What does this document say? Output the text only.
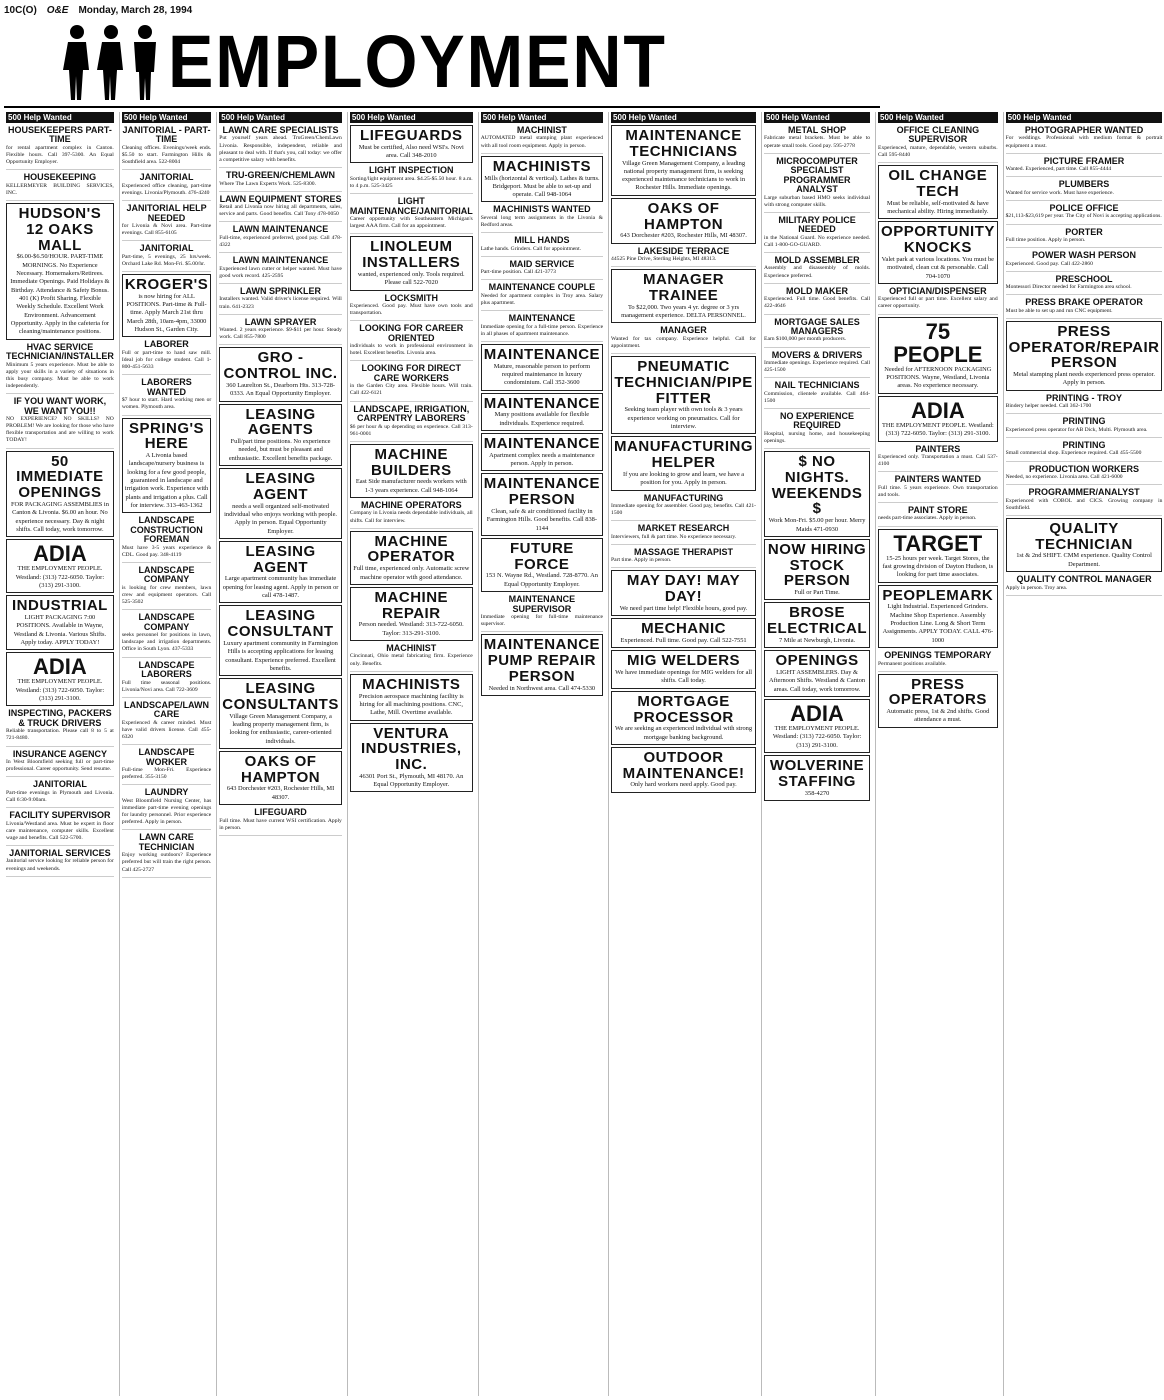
10C(O) O&E Monday, March 28, 1994
EMPLOYMENT
500 Help Wanted
HOUSEKEEPERS PART-TIME
for rental apartment complex in Canton. Flexible hours. Call 397-5300. An Equal Opportunity Employer.
HOUSEKEEPING
KELLERMEYER BUILDING SERVICES, INC.
HUDSON'S 12 OAKS MALL
$6.00-$6.50/HOUR. PART-TIME MORNINGS. No Experience Necessary. Homemakers/Retirees. Immediate Openings. Paid Holidays & Birthday. Attendance & Safety Bonus. 401 (K) Profit Sharing. Flexible Weekly Schedule. Excellent Work Environment. Advancement Opportunity. Apply in the cafeteria for cleaning/maintenance positions.
HVAC SERVICE TECHNICIAN/INSTALLER
Minimum 5 years experience. Must be able to apply your skills in a variety of situations in this busy company. Must be able to work independently.
IF YOU WANT WORK, WE WANT YOU!!
NO EXPERIENCE? NO SKILLS? NO PROBLEM! We are looking for those who have flexible transportation and are willing to work TODAY!
50 IMMEDIATE OPENINGS
FOR PACKAGING ASSEMBLIES in Canton & Livonia. $6.00 an hour. No experience necessary. Day & night shifts. Call today, work tomorrow.
ADIA
THE EMPLOYMENT PEOPLE. Westland: (313) 722-6050. Taylor: (313) 291-3100.
INDUSTRIAL
LIGHT PACKAGING 7:00 POSITIONS. Available in Wayne, Westland & Livonia. Various Shifts. Apply today. APPLY TODAY!
ADIA
THE EMPLOYMENT PEOPLE. Westland: (313) 722-6050. Taylor: (313) 291-3100.
INSPECTING, PACKERS & TRUCK DRIVERS
Reliable transportation. Please call 8 to 5 at 721-8480.
INSURANCE AGENCY
In West Bloomfield seeking full or part-time professional. Career opportunity. Send resume.
JANITORIAL
Part-time evenings in Plymouth and Livonia. Call 6:30-9:00am.
FACILITY SUPERVISOR
Livonia/Westland area. Must be expert in floor care maintenance, computer skills. Excellent wage and benefits. Call 522-5700.
JANITORIAL SERVICES
Janitorial service looking for reliable person for evenings and weekends.
500 Help Wanted
JANITORIAL - PART-TIME
Cleaning offices. Evenings/week ends. $5.50 to start. Farmington Hills & Southfield area. 522-8004
JANITORIAL
Experienced office cleaning, part-time evenings. Livonia/Plymouth. 476-4240
JANITORIAL HELP NEEDED
for Livonia & Novi area. Part-time evenings. Call 855-6105
JANITORIAL
Part-time, 5 evenings, 25 hrs/week. Orchard Lake Rd. Mon-Fri. $5.00/hr.
KROGER'S
is now hiring for ALL POSITIONS. Part-time & Full-time. Apply March 21st thru March 28th, 10am-4pm, 33000 Hudson St., Garden City.
LABORER
Full or part-time to hand saw mill. Ideal job for college student. Call 1-800-451-5633
LABORERS WANTED
$7 hour to start. Hard working men or women. Plymouth area.
SPRING'S HERE
A Livonia based landscape/nursery business is looking for a few good people, guaranteed in landscape and irrigation work. Experience with plants and irrigation a plus. Call for interview. 313-463-1362
LANDSCAPE CONSTRUCTION FOREMAN
Must have 3-5 years experience & CDL. Good pay. 348-4119
LANDSCAPE COMPANY
is looking for crew members, lawn crew and equipment operators. Call 525-3502
LANDSCAPE COMPANY
seeks personnel for positions in lawn, landscape and irrigation departments. Office in South Lyon. 437-5333
LANDSCAPE LABORERS
Full time seasonal positions. Livonia/Novi area. Call 722-3609
LANDSCAPE/LAWN CARE
Experienced & career minded. Must have valid drivers license. Call 455-6320
LANDSCAPE WORKER
Full-time Mon-Fri. Experience preferred. 355-3150
LAUNDRY
West Bloomfield Nursing Center, has immediate part-time evening openings for laundry personnel. Prior experience preferred. Apply in person.
LAWN CARE TECHNICIAN
Enjoy working outdoors? Experience preferred but will train the right person. Call 425-2727
500 Help Wanted
LAWN CARE SPECIALISTS
Put yourself years ahead. TruGreen/ChemLawn Livonia. Responsible, independent, reliable and pleasant to deal with. If that's you, call today: we offer a competitive salary with benefits.
TRU-GREEN/CHEMLAWN
Where The Lawn Experts Work. 525-8300.
LAWN EQUIPMENT STORES
Retail and Livonia now hiring all departments, sales, service and parts. Good benefits. Call Tony 478-0050
LAWN MAINTENANCE
Full-time, experienced preferred, good pay. Call 478-4322
LAWN MAINTENANCE
Experienced lawn cutter or helper wanted. Must have good work record. 425-2595
LAWN SPRINKLER
Installers wanted. Valid driver's license required. Will train. 641-2323
LAWN SPRAYER
Wanted. 2 years experience. $9-$11 per hour. Steady work. Call 855-7800
GRO - CONTROL INC.
360 Laurelton St., Dearborn Hts. 313-728-0333. An Equal Opportunity Employer.
LEASING AGENTS
Full/part time positions. No experience needed, but must be pleasant and enthusiastic. Excellent benefits package.
LEASING AGENT
needs a well organized self-motivated individual who enjoys working with people. Apply in person. Equal Opportunity Employer.
LEASING AGENT
Large apartment community has immediate opening for leasing agent. Apply in person or call 478-1487.
LEASING CONSULTANT
Luxury apartment community in Farmington Hills is accepting applications for leasing consultant. Experience preferred. Excellent benefits.
LEASING CONSULTANTS
Village Green Management Company, a leading property management firm, is looking for enthusiastic, career-oriented individuals.
OAKS OF HAMPTON
643 Dorchester #203, Rochester Hills, MI 48307.
LIFEGUARD
Full time. Must have current WSI certification. Apply in person.
500 Help Wanted
LIFEGUARDS
Must be certified, Also need WSI's. Novi area. Call 348-2010
LIGHT INSPECTION
Sorting/light equipment area. $4.25-$5.50 hour. 8 a.m. to 4 p.m. 525-3425
LIGHT MAINTENANCE/JANITORIAL
Career opportunity with Southeastern Michigan's largest AAA firm. Call for an appointment.
LINOLEUM INSTALLERS
wanted, experienced only. Tools required. Please call 522-7020
LOCKSMITH
Experienced. Good pay. Must have own tools and transportation.
LOOKING FOR CAREER ORIENTED
individuals to work in professional environment in hotel. Excellent benefits. Livonia area.
LOOKING FOR DIRECT CARE WORKERS
in the Garden City area. Flexible hours. Will train. Call 422-6121
LANDSCAPE, IRRIGATION, CARPENTRY LABORERS
$6 per hour & up depending on experience. Call 313-961-0001
MACHINE BUILDERS
East Side manufacturer needs workers with 1-3 years experience. Call 948-1064
MACHINE OPERATORS
Company in Livonia needs dependable individuals, all shifts. Call for interview.
MACHINE OPERATOR
Full time, experienced only. Automatic screw machine operator with good attendance.
MACHINE REPAIR
Person needed. Westland: 313-722-6050. Taylor: 313-291-3100.
MACHINIST
Cincinnati, Ohio metal fabricating firm. Experience only. Benefits.
MACHINISTS
Precision aerospace machining facility is hiring for all machining positions. CNC, Lathe, Mill. Overtime available.
VENTURA INDUSTRIES, INC.
46301 Port St., Plymouth, MI 48170. An Equal Opportunity Employer.
500 Help Wanted
MACHINIST
AUTOMATED metal stamping plant experienced with all tool room equipment. Apply in person.
MACHINISTS
Mills (horizontal & vertical). Lathes & turns. Bridgeport. Must be able to set-up and operate. Call 948-1064
MACHINISTS WANTED
Several long term assignments in the Livonia & Redford areas.
MILL HANDS
Lathe hands. Grinders. Call for appointment.
MAID SERVICE
Part-time position. Call 421-3773
MAINTENANCE COUPLE
Needed for apartment complex in Troy area. Salary plus apartment.
MAINTENANCE
Immediate opening for a full-time person. Experience in all phases of apartment maintenance.
MAINTENANCE
Mature, reasonable person to perform required maintenance in luxury condominium. Call 352-3600
MAINTENANCE
Many positions available for flexible individuals. Experience required.
MAINTENANCE
Apartment complex needs a maintenance person. Apply in person.
MAINTENANCE PERSON
Clean, safe & air conditioned facility in Farmington Hills. Good benefits. Call 838-1144
FUTURE FORCE
153 N. Wayne Rd., Westland. 728-8770. An Equal Opportunity Employer.
MAINTENANCE SUPERVISOR
Immediate opening for full-time maintenance supervisor.
MAINTENANCE PUMP REPAIR PERSON
Needed in Northwest area. Call 474-5330
500 Help Wanted
MAINTENANCE TECHNICIANS
Village Green Management Company, a leading national property management firm, is seeking experienced maintenance technicians to work in Rochester Hills. Immediate openings.
OAKS OF HAMPTON
643 Dorchester #203, Rochester Hills, MI 48307.
LAKESIDE TERRACE
44525 Pine Drive, Sterling Heights, MI 48313.
MANAGER TRAINEE
To $22,000. Two years 4 yr. degree or 3 yrs management experience. DELTA PERSONNEL.
MANAGER
Wanted for tax company. Experience helpful. Call for appointment.
PNEUMATIC TECHNICIAN/PIPE FITTER
Seeking team player with own tools & 3 years experience working on pneumatics. Call for interview.
MANUFACTURING HELPER
If you are looking to grow and learn, we have a position for you. Apply in person.
MANUFACTURING
Immediate opening for assembler. Good pay, benefits. Call 421-1500
MARKET RESEARCH
Interviewers, full & part time. No experience necessary.
MASSAGE THERAPIST
Part time. Apply in person.
MAY DAY! MAY DAY!
We need part time help! Flexible hours, good pay.
MECHANIC
Experienced. Full time. Good pay. Call 522-7551
MIG WELDERS
We have immediate openings for MIG welders for all shifts. Call today.
MORTGAGE PROCESSOR
We are seeking an experienced individual with strong mortgage banking background.
OUTDOOR MAINTENANCE!
Only hard workers need apply. Good pay.
500 Help Wanted
METAL SHOP
Fabricate metal brackets. Must be able to operate small tools. Good pay. 595-2778
MICROCOMPUTER SPECIALIST PROGRAMMER ANALYST
Large suburban based HMO seeks individual with strong computer skills.
MILITARY POLICE NEEDED
in the National Guard. No experience needed. Call 1-800-GO-GUARD.
MOLD ASSEMBLER
Assembly and disassembly of molds. Experience preferred.
MOLD MAKER
Experienced. Full time. Good benefits. Call 422-4646
MORTGAGE SALES MANAGERS
Earn $100,000 per month producers.
MOVERS & DRIVERS
Immediate openings. Experience required. Call 425-1500
NAIL TECHNICIANS
Commission, clientele available. Call 464-1500
NO EXPERIENCE REQUIRED
Hospital, nursing home, and housekeeping openings.
$ NO NIGHTS. WEEKENDS $
Work Mon-Fri. $5.00 per hour. Merry Maids 471-0930
NOW HIRING STOCK PERSON
Full or Part Time.
BROSE ELECTRICAL
7 Mile at Newburgh, Livonia.
OPENINGS
LIGHT ASSEMBLERS. Day & Afternoon Shifts. Westland & Canton areas. Call today, work tomorrow.
ADIA
THE EMPLOYMENT PEOPLE. Westland: (313) 722-6050. Taylor: (313) 291-3100.
WOLVERINE STAFFING
358-4270
500 Help Wanted
OFFICE CLEANING SUPERVISOR
Experienced, mature, dependable, western suburbs. Call 595-8440
OIL CHANGE TECH
Must be reliable, self-motivated & have mechanical ability. Hiring immediately.
OPPORTUNITY KNOCKS
Valet park at various locations. You must be motivated, clean cut & personable. Call 704-1070
OPTICIAN/DISPENSER
Experienced full or part time. Excellent salary and career opportunity.
75 PEOPLE
Needed for AFTERNOON PACKAGING POSITIONS. Wayne, Westland, Livonia areas. No experience necessary.
ADIA
THE EMPLOYMENT PEOPLE. Westland: (313) 722-6050. Taylor: (313) 291-3100.
PAINTERS
Experienced only. Transportation a must. Call 537-4100
PAINTERS WANTED
Full time. 5 years experience. Own transportation and tools.
PAINT STORE
needs part-time associates. Apply in person.
TARGET
15-25 hours per week. Target Stores, the fast growing division of Dayton Hudson, is looking for part time associates.
PEOPLEMARK
Light Industrial. Experienced Grinders. Machine Shop Experience. Assembly Production Line. Long & Short Term Assignments. APPLY TODAY. CALL 476-1000
OPENINGS TEMPORARY
Permanent positions available.
PRESS OPERATORS
Automatic press, 1st & 2nd shifts. Good attendance a must.
500 Help Wanted
PHOTOGRAPHER WANTED
For weddings. Professional with medium format & portrait equipment a must.
PICTURE FRAMER
Wanted. Experienced, part time. Call 855-4444
PLUMBERS
Wanted for service work. Must have experience.
POLICE OFFICE
$21,113-$23,619 per year. The City of Novi is accepting applications.
PORTER
Full time position. Apply in person.
POWER WASH PERSON
Experienced. Good pay. Call 422-2860
PRESCHOOL
Montessori Director needed for Farmington area school.
PRESS BRAKE OPERATOR
Must be able to set up and run CNC equipment.
PRESS OPERATOR/REPAIR PERSON
Metal stamping plant needs experienced press operator. Apply in person.
PRINTING - TROY
Bindery helper needed. Call 362-1700
PRINTING
Experienced press operator for AB Dick, Multi. Plymouth area.
PRINTING
Small commercial shop. Experience required. Call 455-5500
PRODUCTION WORKERS
Needed, no experience. Livonia area. Call 421-6000
PROGRAMMER/ANALYST
Experienced with COBOL and CICS. Growing company in Southfield.
QUALITY TECHNICIAN
1st & 2nd SHIFT. CMM experience. Quality Control Department.
QUALITY CONTROL MANAGER
Apply in person. Troy area.
